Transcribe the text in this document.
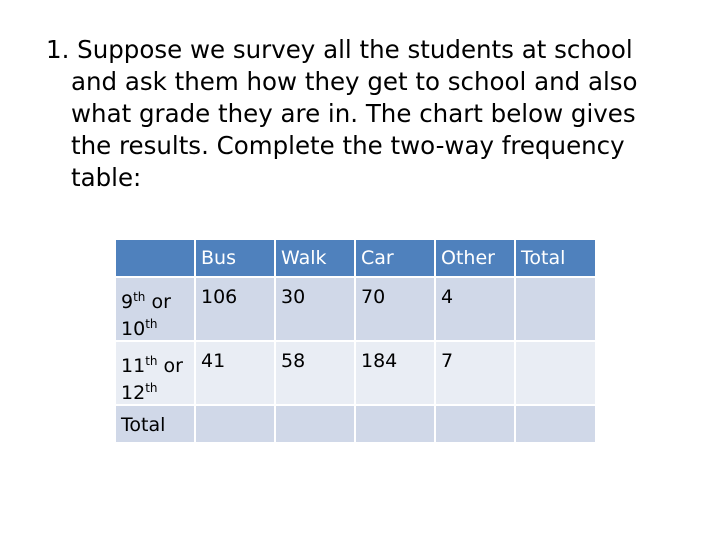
1. Suppose we survey all the students at school
and ask them how they get to school and also
what grade they are in. The chart below gives
the results. Complete the two-way frequency
table:
	Bus	Walk	Car	Other	Total
9th or
10th	106	30	70	4	
11th or
12th	41	58	184	7	
Total					
